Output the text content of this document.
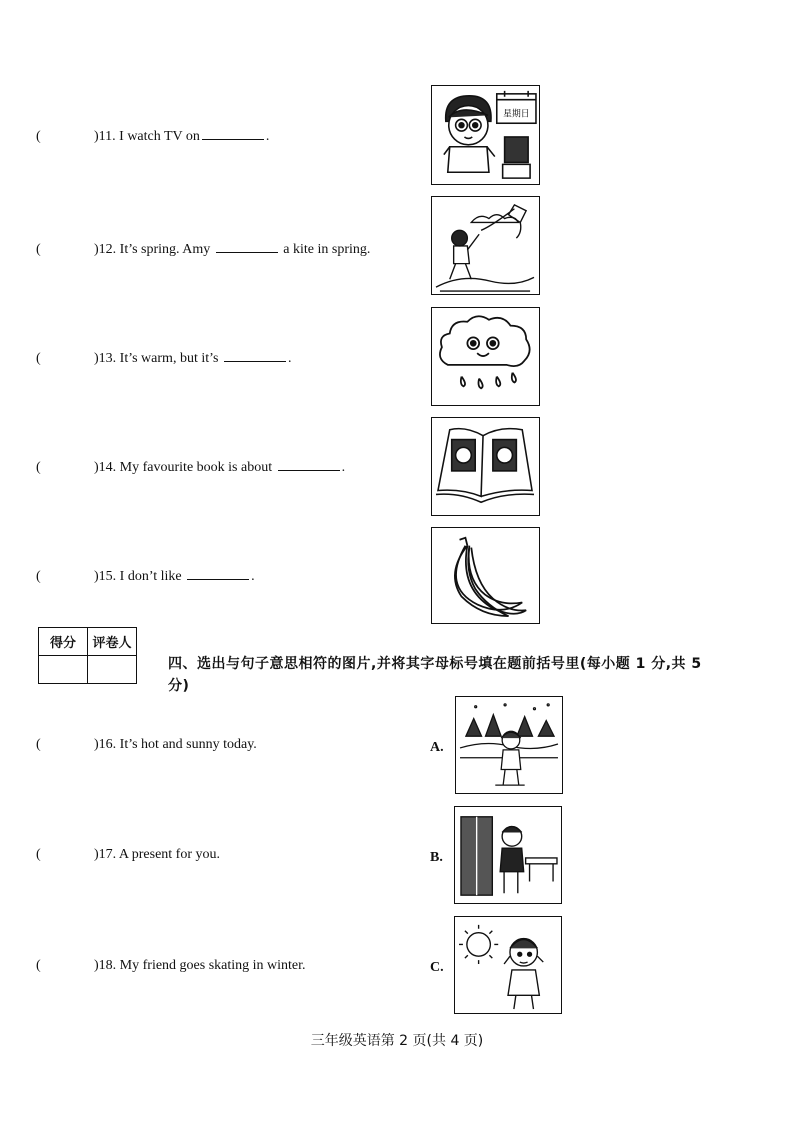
(	)11. I watch TV on	.
(	)12. It’s spring. Amy	a kite in spring.
(	)13. It’s warm, but it’s	.
(	)14. My favourite book is about	.
(	)15. I don’t like	.
星期日
得分	评卷人

四、选出与句子意思相符的图片,并将其字母标号填在题前括号里(每小题 1 分,共 5 分)
(	)16. It’s hot and sunny today.
(	)17. A present for you.
(	)18. My friend goes skating in winter.
A.
B.
C.
三年级英语第 2 页(共 4 页)
